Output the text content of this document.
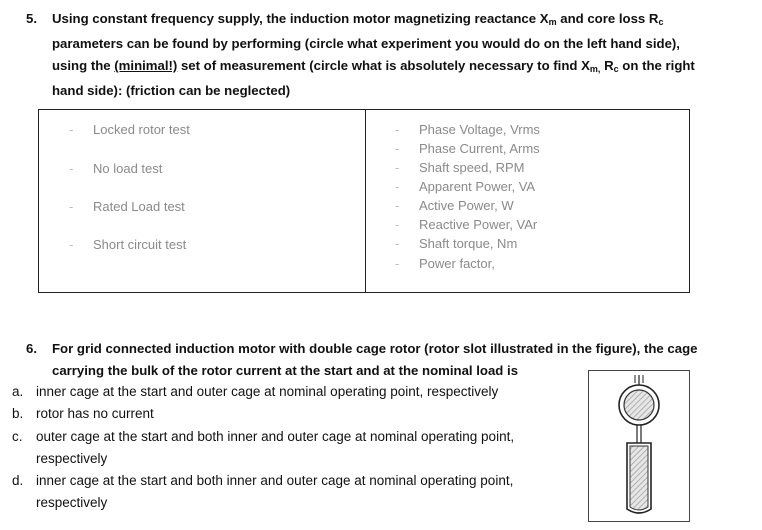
5. Using constant frequency supply, the induction motor magnetizing reactance $X_m$ and core loss $R_c$ parameters can be found by performing (circle what experiment you would do on the left hand side), using the (minimal!) set of measurement (circle what is absolutely necessary to find $X_{m,}$ $R_c$ on the right hand side): (friction can be neglected)
- Locked rotor test
- No load test
- Rated Load test
- Short circuit test

- Phase Voltage, Vrms
- Phase Current, Arms
- Shaft speed, RPM
- Apparent Power, VA
- Active Power, W
- Reactive Power, VAr
- Shaft torque, Nm
- Power factor,
6. For grid connected induction motor with double cage rotor (rotor slot illustrated in the figure), the cage carrying the bulk of the rotor current at the start and at the nominal load is
a. inner cage at the start and outer cage at nominal operating point, respectively
b. rotor has no current
c. outer cage at the start and both inner and outer cage at nominal operating point, respectively
d. inner cage at the start and both inner and outer cage at nominal operating point, respectively
